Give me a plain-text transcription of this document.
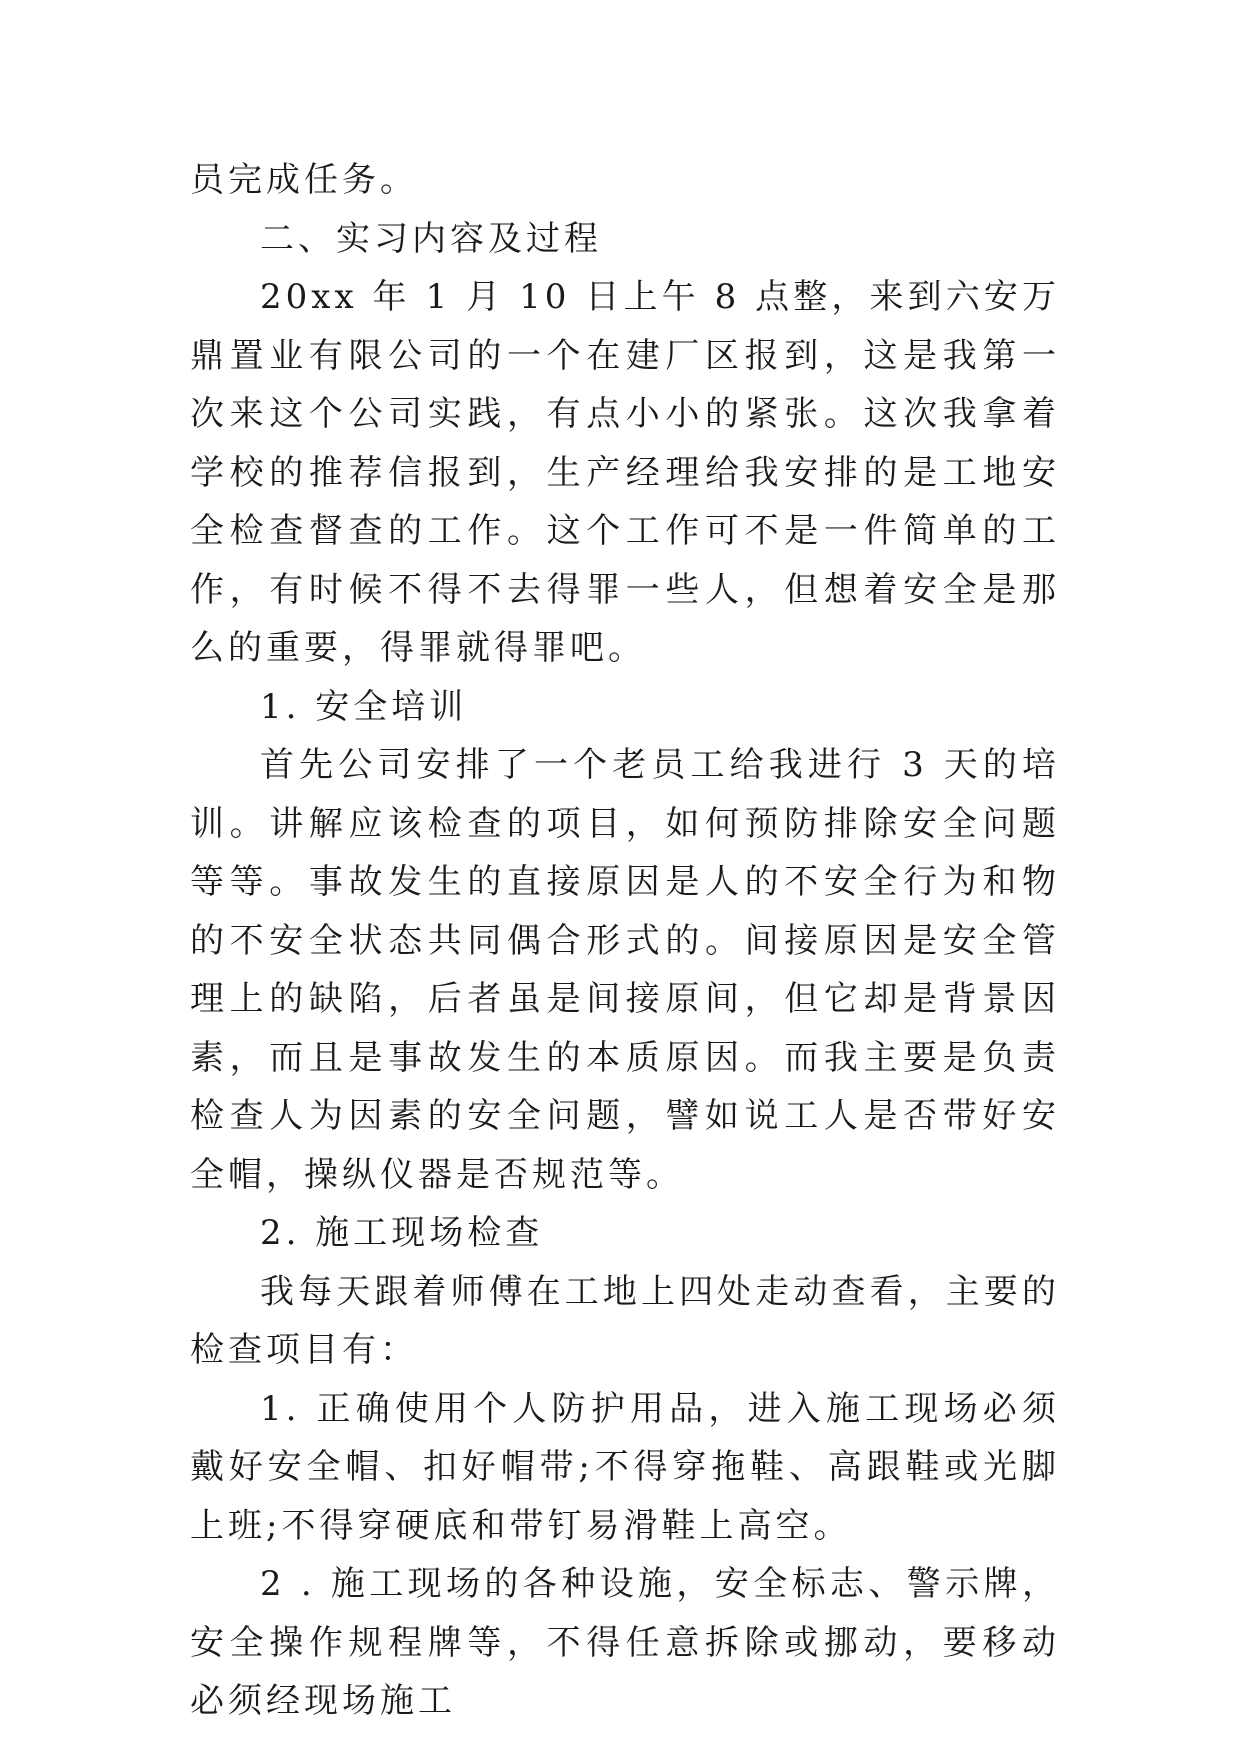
员完成任务。

二、实习内容及过程

20xx 年 1 月 10 日上午 8 点整，来到六安万鼎置业有限公司的一个在建厂区报到，这是我第一次来这个公司实践，有点小小的紧张。这次我拿着学校的推荐信报到，生产经理给我安排的是工地安全检查督查的工作。这个工作可不是一件简单的工作，有时候不得不去得罪一些人，但想着安全是那么的重要，得罪就得罪吧。

1. 安全培训

首先公司安排了一个老员工给我进行 3 天的培训。讲解应该检查的项目，如何预防排除安全问题等等。事故发生的直接原因是人的不安全行为和物的不安全状态共同偶合形式的。间接原因是安全管理上的缺陷，后者虽是间接原间，但它却是背景因素，而且是事故发生的本质原因。而我主要是负责检查人为因素的安全问题，譬如说工人是否带好安全帽，操纵仪器是否规范等。

2. 施工现场检查

我每天跟着师傅在工地上四处走动查看，主要的检查项目有：

1. 正确使用个人防护用品，进入施工现场必须戴好安全帽、扣好帽带;不得穿拖鞋、高跟鞋或光脚上班;不得穿硬底和带钉易滑鞋上高空。

2 . 施工现场的各种设施，安全标志、警示牌，安全操作规程牌等，不得任意拆除或挪动，要移动必须经现场施工
